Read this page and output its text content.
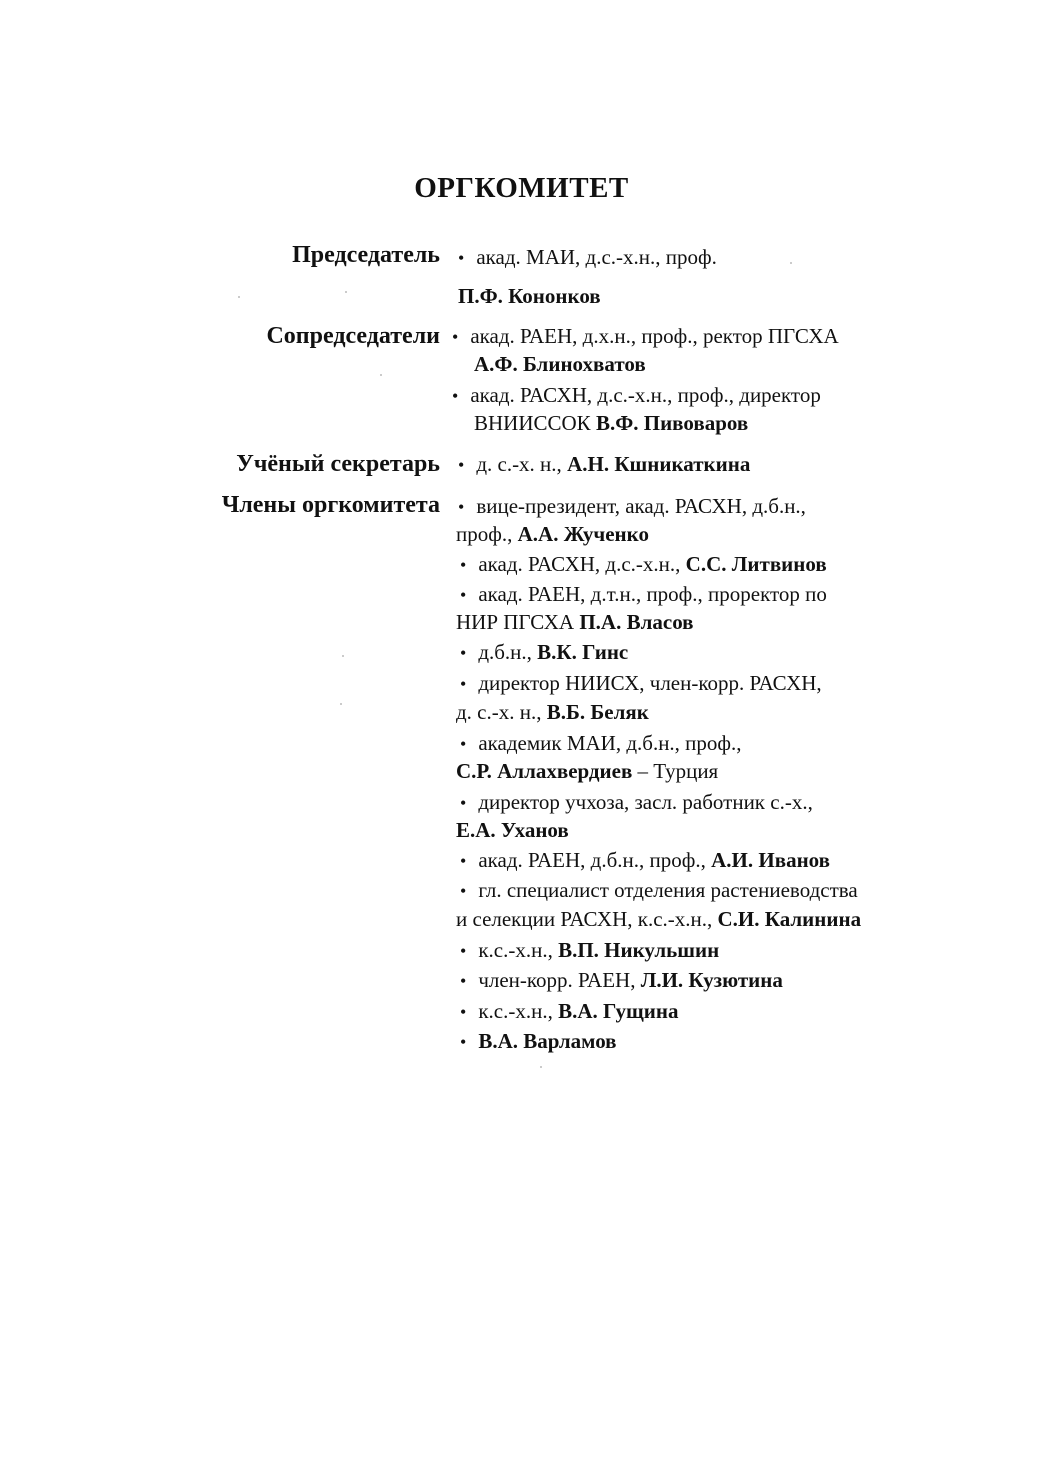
ОРГКОМИТЕТ
Председатель • акад. МАИ, д.с.-х.н., проф.
П.Ф. Кононков
Сопредседатели • акад. РАЕН, д.х.н., проф., ректор ПГСХА
А.Ф. Блинохватов
• акад. РАСХН, д.с.-х.н., проф., директор
ВНИИССОК В.Ф. Пивоваров
Учёный секретарь • д. с.-х. н., А.Н. Кшникаткина
Члены оргкомитета • вице-президент, акад. РАСХН, д.б.н.,
проф., А.А. Жученко
• акад. РАСХН, д.с.-х.н., С.С. Литвинов
• акад. РАЕН, д.т.н., проф., проректор по
НИР ПГСХА П.А. Власов
• д.б.н., В.К. Гинс
• директор НИИСХ, член-корр. РАСХН,
д. с.-х. н., В.Б. Беляк
• академик МАИ, д.б.н., проф.,
С.Р. Аллахвердиев – Турция
• директор учхоза, засл. работник с.-х.,
Е.А. Уханов
• акад. РАЕН, д.б.н., проф., А.И. Иванов
• гл. специалист отделения растениеводства
и селекции РАСХН, к.с.-х.н., С.И. Калинина
• к.с.-х.н., В.П. Никульшин
• член-корр. РАЕН, Л.И. Кузютина
• к.с.-х.н., В.А. Гущина
• В.А. Варламов
